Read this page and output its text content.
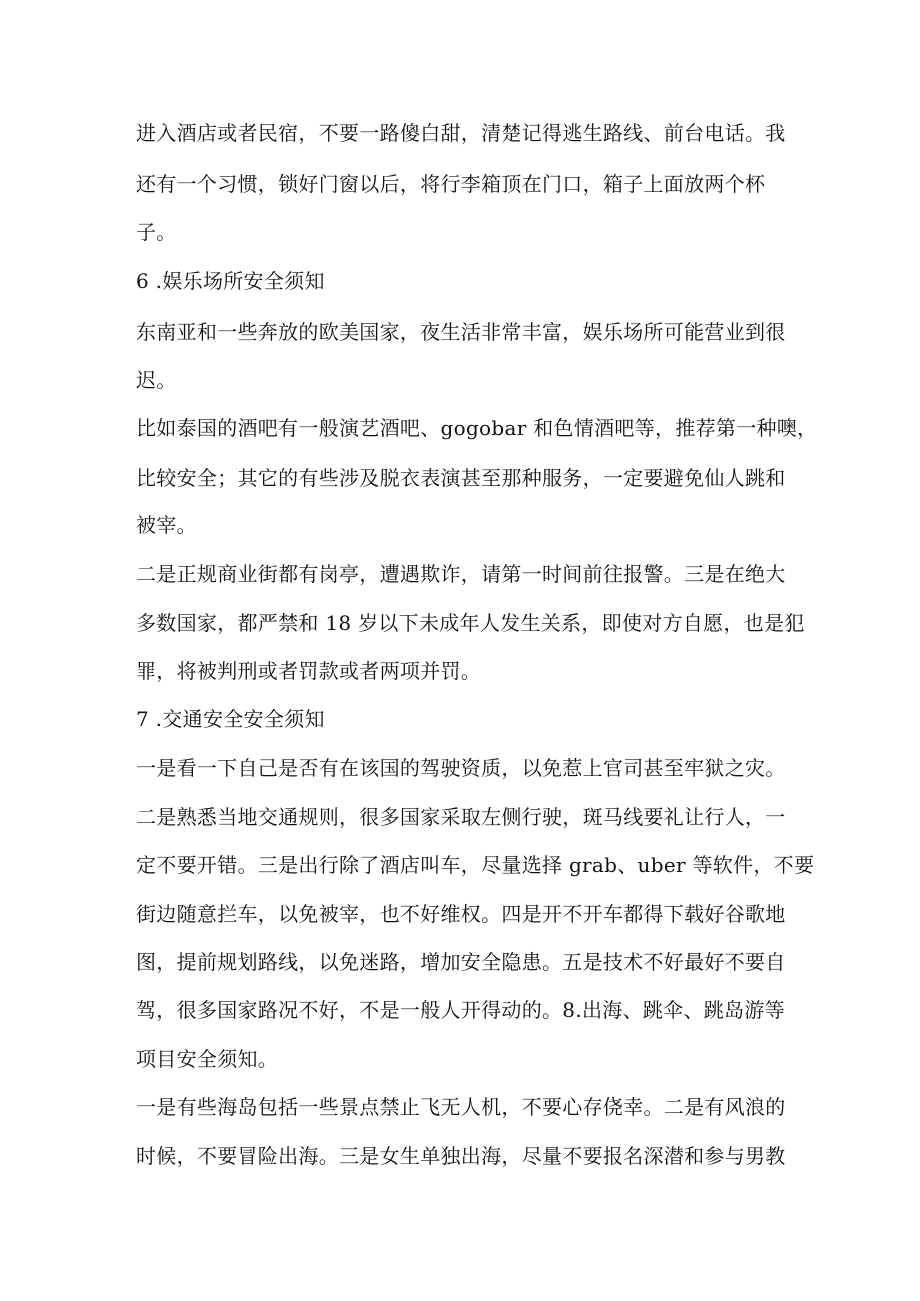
进入酒店或者民宿，不要一路傻白甜，清楚记得逃生路线、前台电话。我
还有一个习惯，锁好门窗以后，将行李箱顶在门口，箱子上面放两个杯
子。
6 .娱乐场所安全须知
东南亚和一些奔放的欧美国家，夜生活非常丰富，娱乐场所可能营业到很
迟。
比如泰国的酒吧有一般演艺酒吧、gogobar 和色情酒吧等，推荐第一种噢，
比较安全；其它的有些涉及脱衣表演甚至那种服务，一定要避免仙人跳和
被宰。
二是正规商业街都有岗亭，遭遇欺诈，请第一时间前往报警。三是在绝大
多数国家，都严禁和 18 岁以下未成年人发生关系，即使对方自愿，也是犯
罪，将被判刑或者罚款或者两项并罚。
7 .交通安全安全须知
一是看一下自己是否有在该国的驾驶资质，以免惹上官司甚至牢狱之灾。
二是熟悉当地交通规则，很多国家采取左侧行驶，斑马线要礼让行人，一
定不要开错。三是出行除了酒店叫车，尽量选择 grab、uber 等软件，不要
街边随意拦车，以免被宰，也不好维权。四是开不开车都得下载好谷歌地
图，提前规划路线，以免迷路，增加安全隐患。五是技术不好最好不要自
驾，很多国家路况不好，不是一般人开得动的。8.出海、跳伞、跳岛游等
项目安全须知。
一是有些海岛包括一些景点禁止飞无人机，不要心存侥幸。二是有风浪的
时候，不要冒险出海。三是女生单独出海，尽量不要报名深潜和参与男教
